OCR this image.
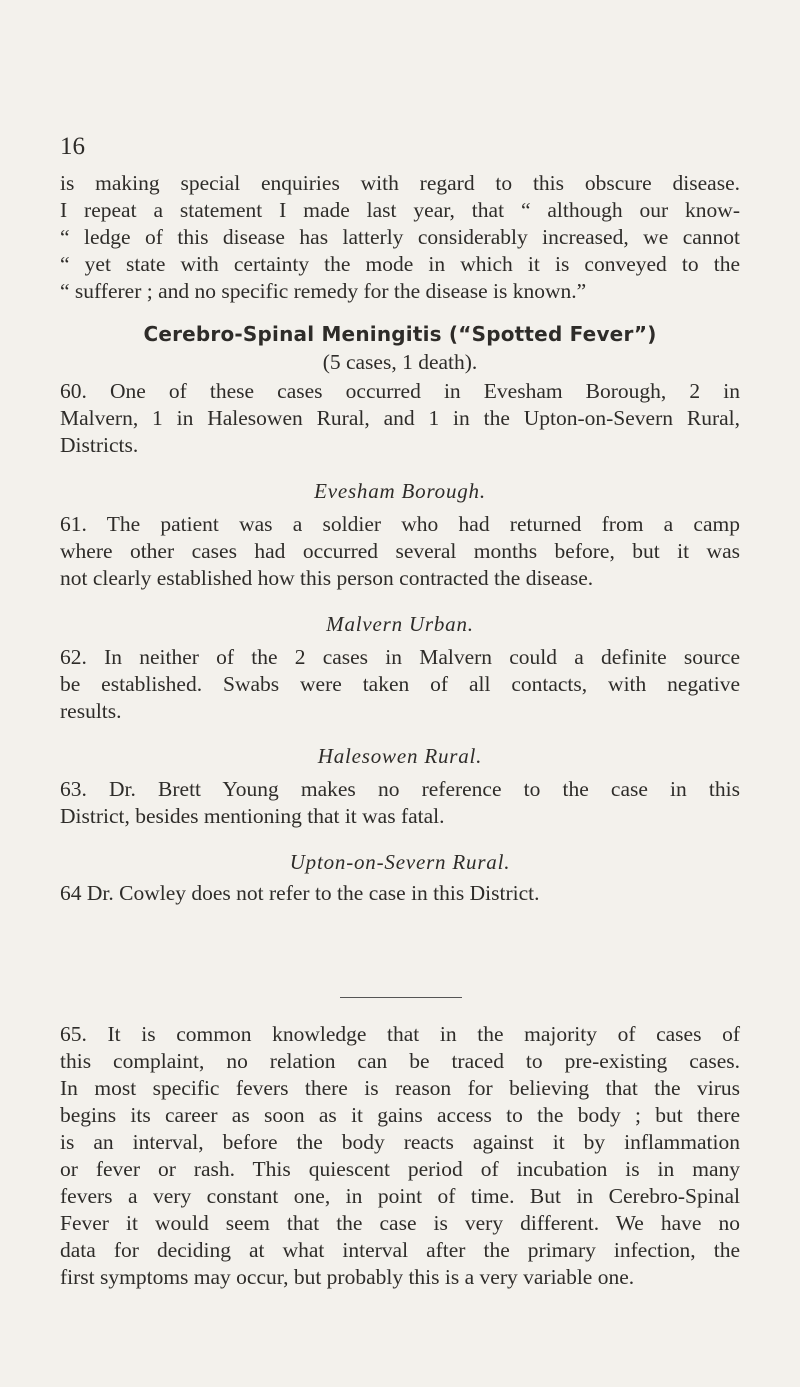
16

is making special enquiries with regard to this obscure disease.
I repeat a statement I made last year, that “ although our know-
“ ledge of this disease has latterly considerably increased, we cannot
“ yet state with certainty the mode in which it is conveyed to the
“ sufferer ; and no specific remedy for the disease is known.”

Cerebro-Spinal Meningitis (“Spotted Fever”)
(5 cases, 1 death).

60. One of these cases occurred in Evesham Borough, 2 in
Malvern, 1 in Halesowen Rural, and 1 in the Upton-on-Severn Rural,
Districts.

Evesham Borough.

61. The patient was a soldier who had returned from a camp
where other cases had occurred several months before, but it was
not clearly established how this person contracted the disease.

Malvern Urban.

62. In neither of the 2 cases in Malvern could a definite source
be established. Swabs were taken of all contacts, with negative
results.

Halesowen Rural.

63. Dr. Brett Young makes no reference to the case in this
District, besides mentioning that it was fatal.

Upton-on-Severn Rural.

64 Dr. Cowley does not refer to the case in this District.

65. It is common knowledge that in the majority of cases of
this complaint, no relation can be traced to pre-existing cases.
In most specific fevers there is reason for believing that the virus
begins its career as soon as it gains access to the body ; but there
is an interval, before the body reacts against it by inflammation
or fever or rash. This quiescent period of incubation is in many
fevers a very constant one, in point of time. But in Cerebro-Spinal
Fever it would seem that the case is very different. We have no
data for deciding at what interval after the primary infection, the
first symptoms may occur, but probably this is a very variable one.
